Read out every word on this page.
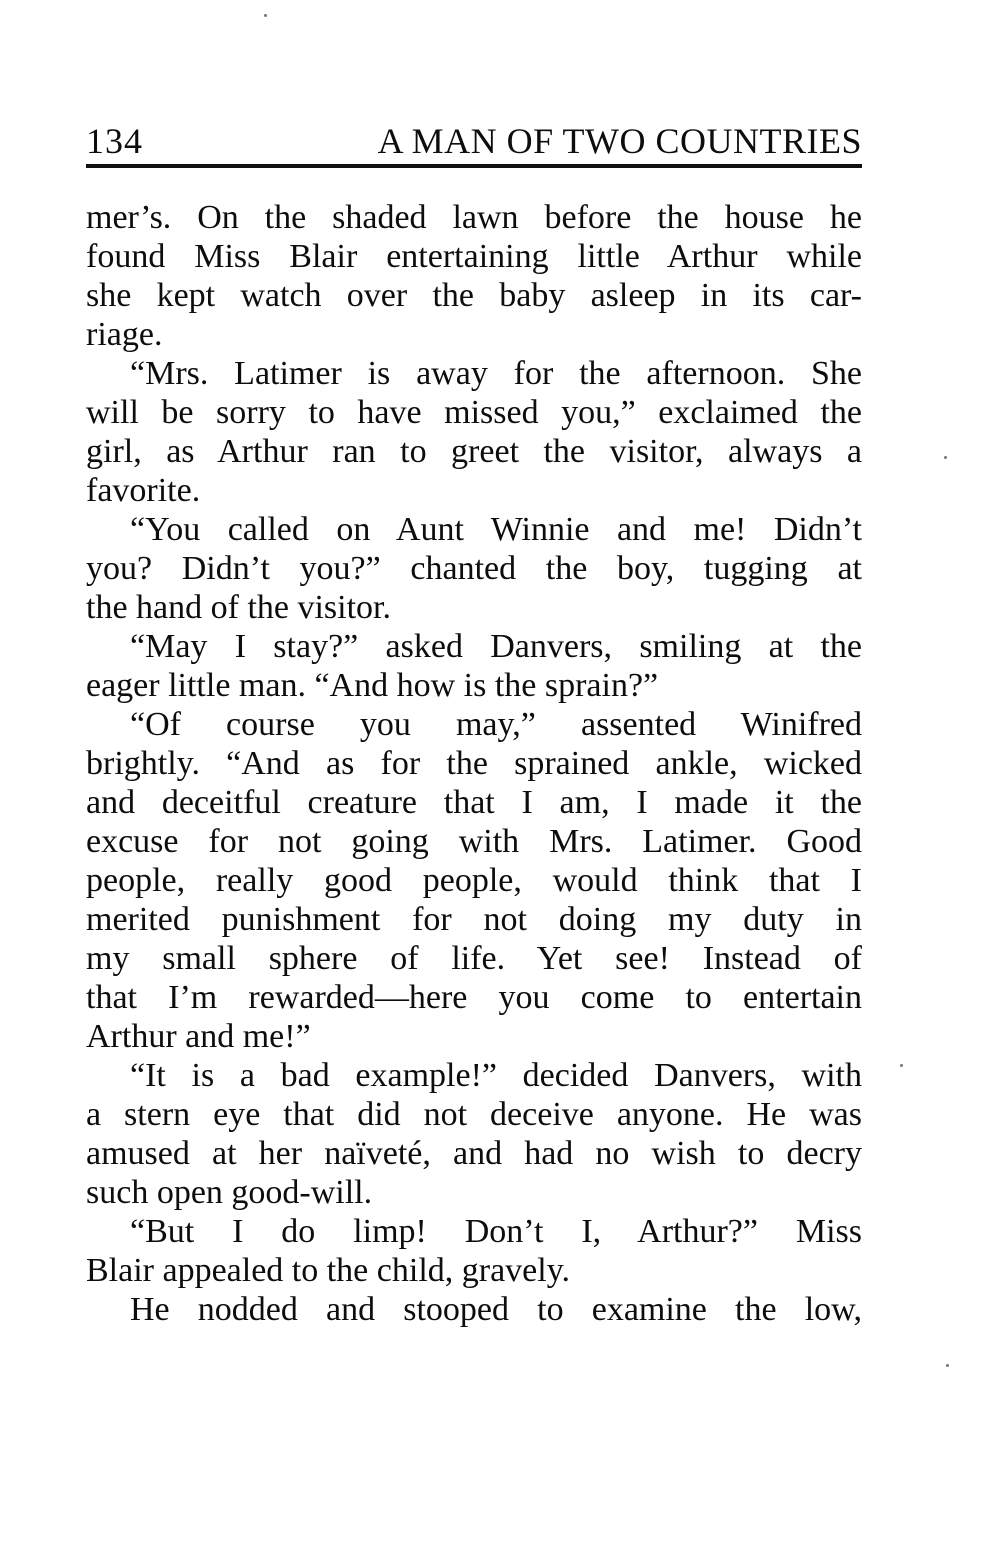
134	A MAN OF TWO COUNTRIES
mer’s. On the shaded lawn before the house he
found Miss Blair entertaining little Arthur while
she kept watch over the baby asleep in its car-
riage.
“Mrs. Latimer is away for the afternoon. She
will be sorry to have missed you,” exclaimed the
girl, as Arthur ran to greet the visitor, always a
favorite.
“You called on Aunt Winnie and me! Didn’t
you? Didn’t you?” chanted the boy, tugging at
the hand of the visitor.
“May I stay?” asked Danvers, smiling at the
eager little man. “And how is the sprain?”
“Of course you may,” assented Winifred
brightly. “And as for the sprained ankle, wicked
and deceitful creature that I am, I made it the
excuse for not going with Mrs. Latimer. Good
people, really good people, would think that I
merited punishment for not doing my duty in
my small sphere of life. Yet see! Instead of
that I’m rewarded—here you come to entertain
Arthur and me!”
“It is a bad example!” decided Danvers, with
a stern eye that did not deceive anyone. He was
amused at her naïveté, and had no wish to decry
such open good-will.
“But I do limp! Don’t I, Arthur?” Miss
Blair appealed to the child, gravely.
He nodded and stooped to examine the low,
